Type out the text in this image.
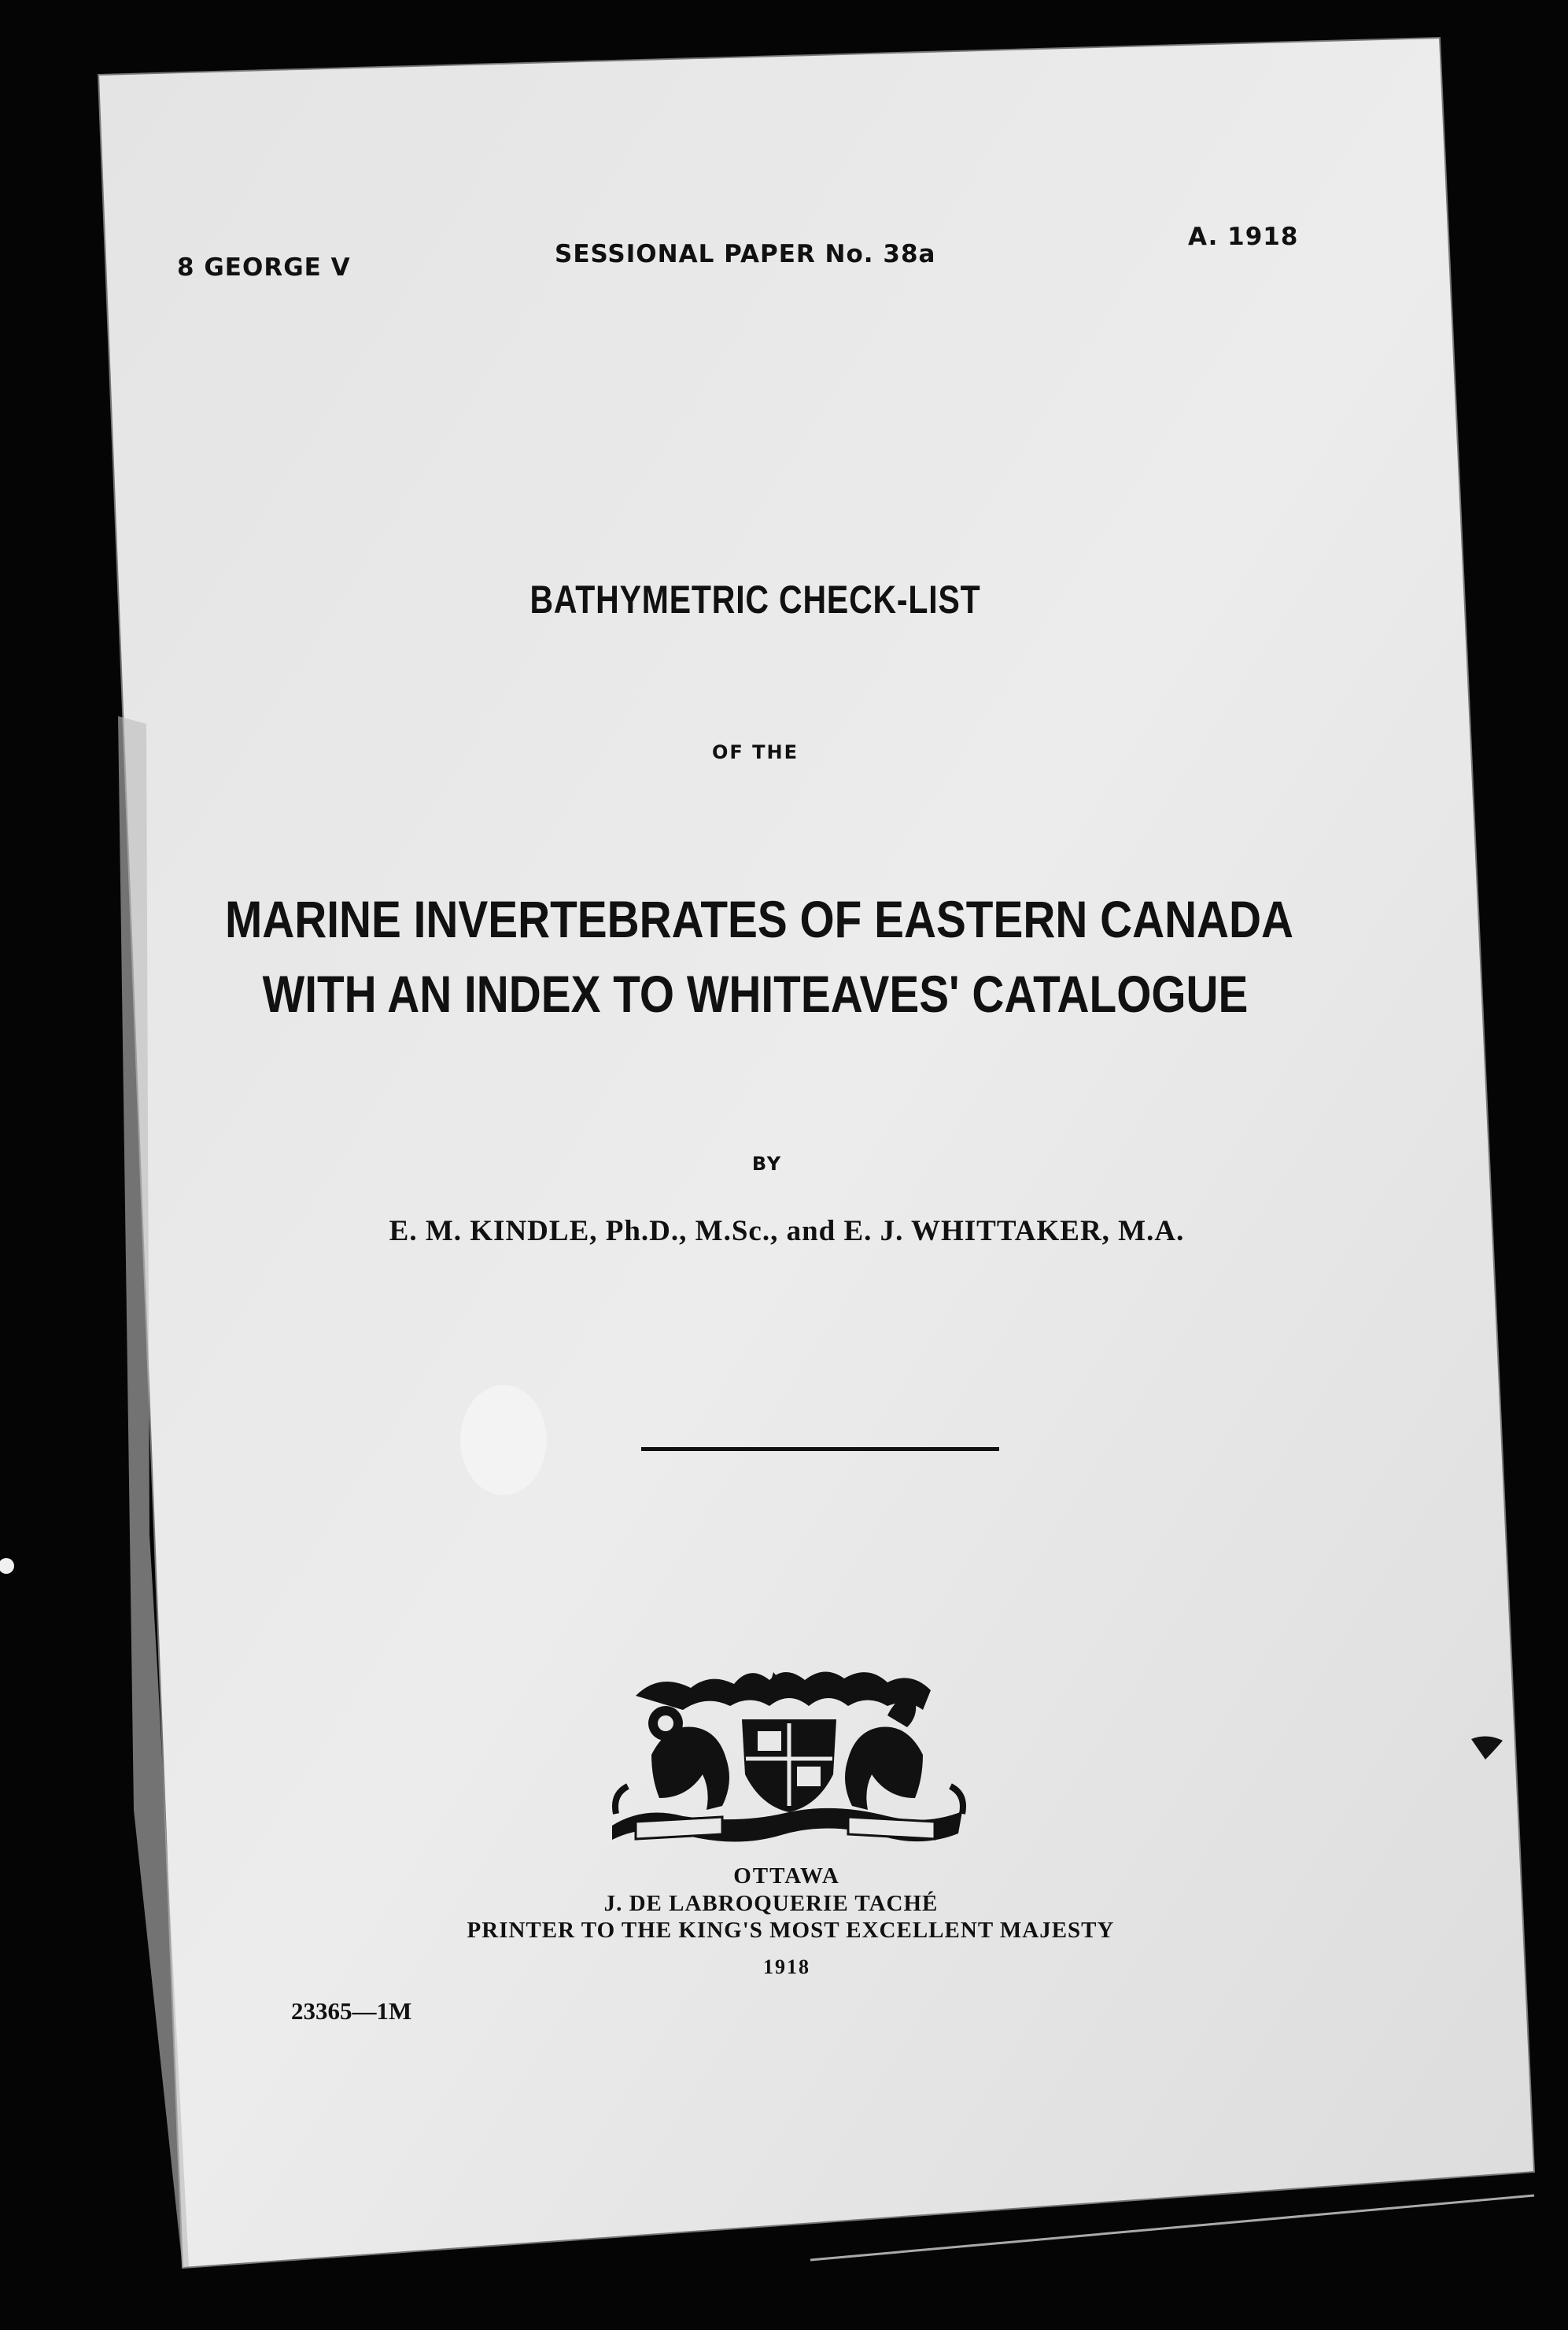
8 GEORGE V	SESSIONAL PAPER No. 38a
A. 1918
BATHYMETRIC CHECK-LIST
OF THE
MARINE INVERTEBRATES OF EASTERN CANADA
WITH AN INDEX TO WHITEAVES' CATALOGUE
BY
E. M. KINDLE, Ph.D., M.Sc., and E. J. WHITTAKER, M.A.
OTTAWA
J. DE LABROQUERIE TACHÉ
PRINTER TO THE KING'S MOST EXCELLENT MAJESTY
1918
23365—1M
